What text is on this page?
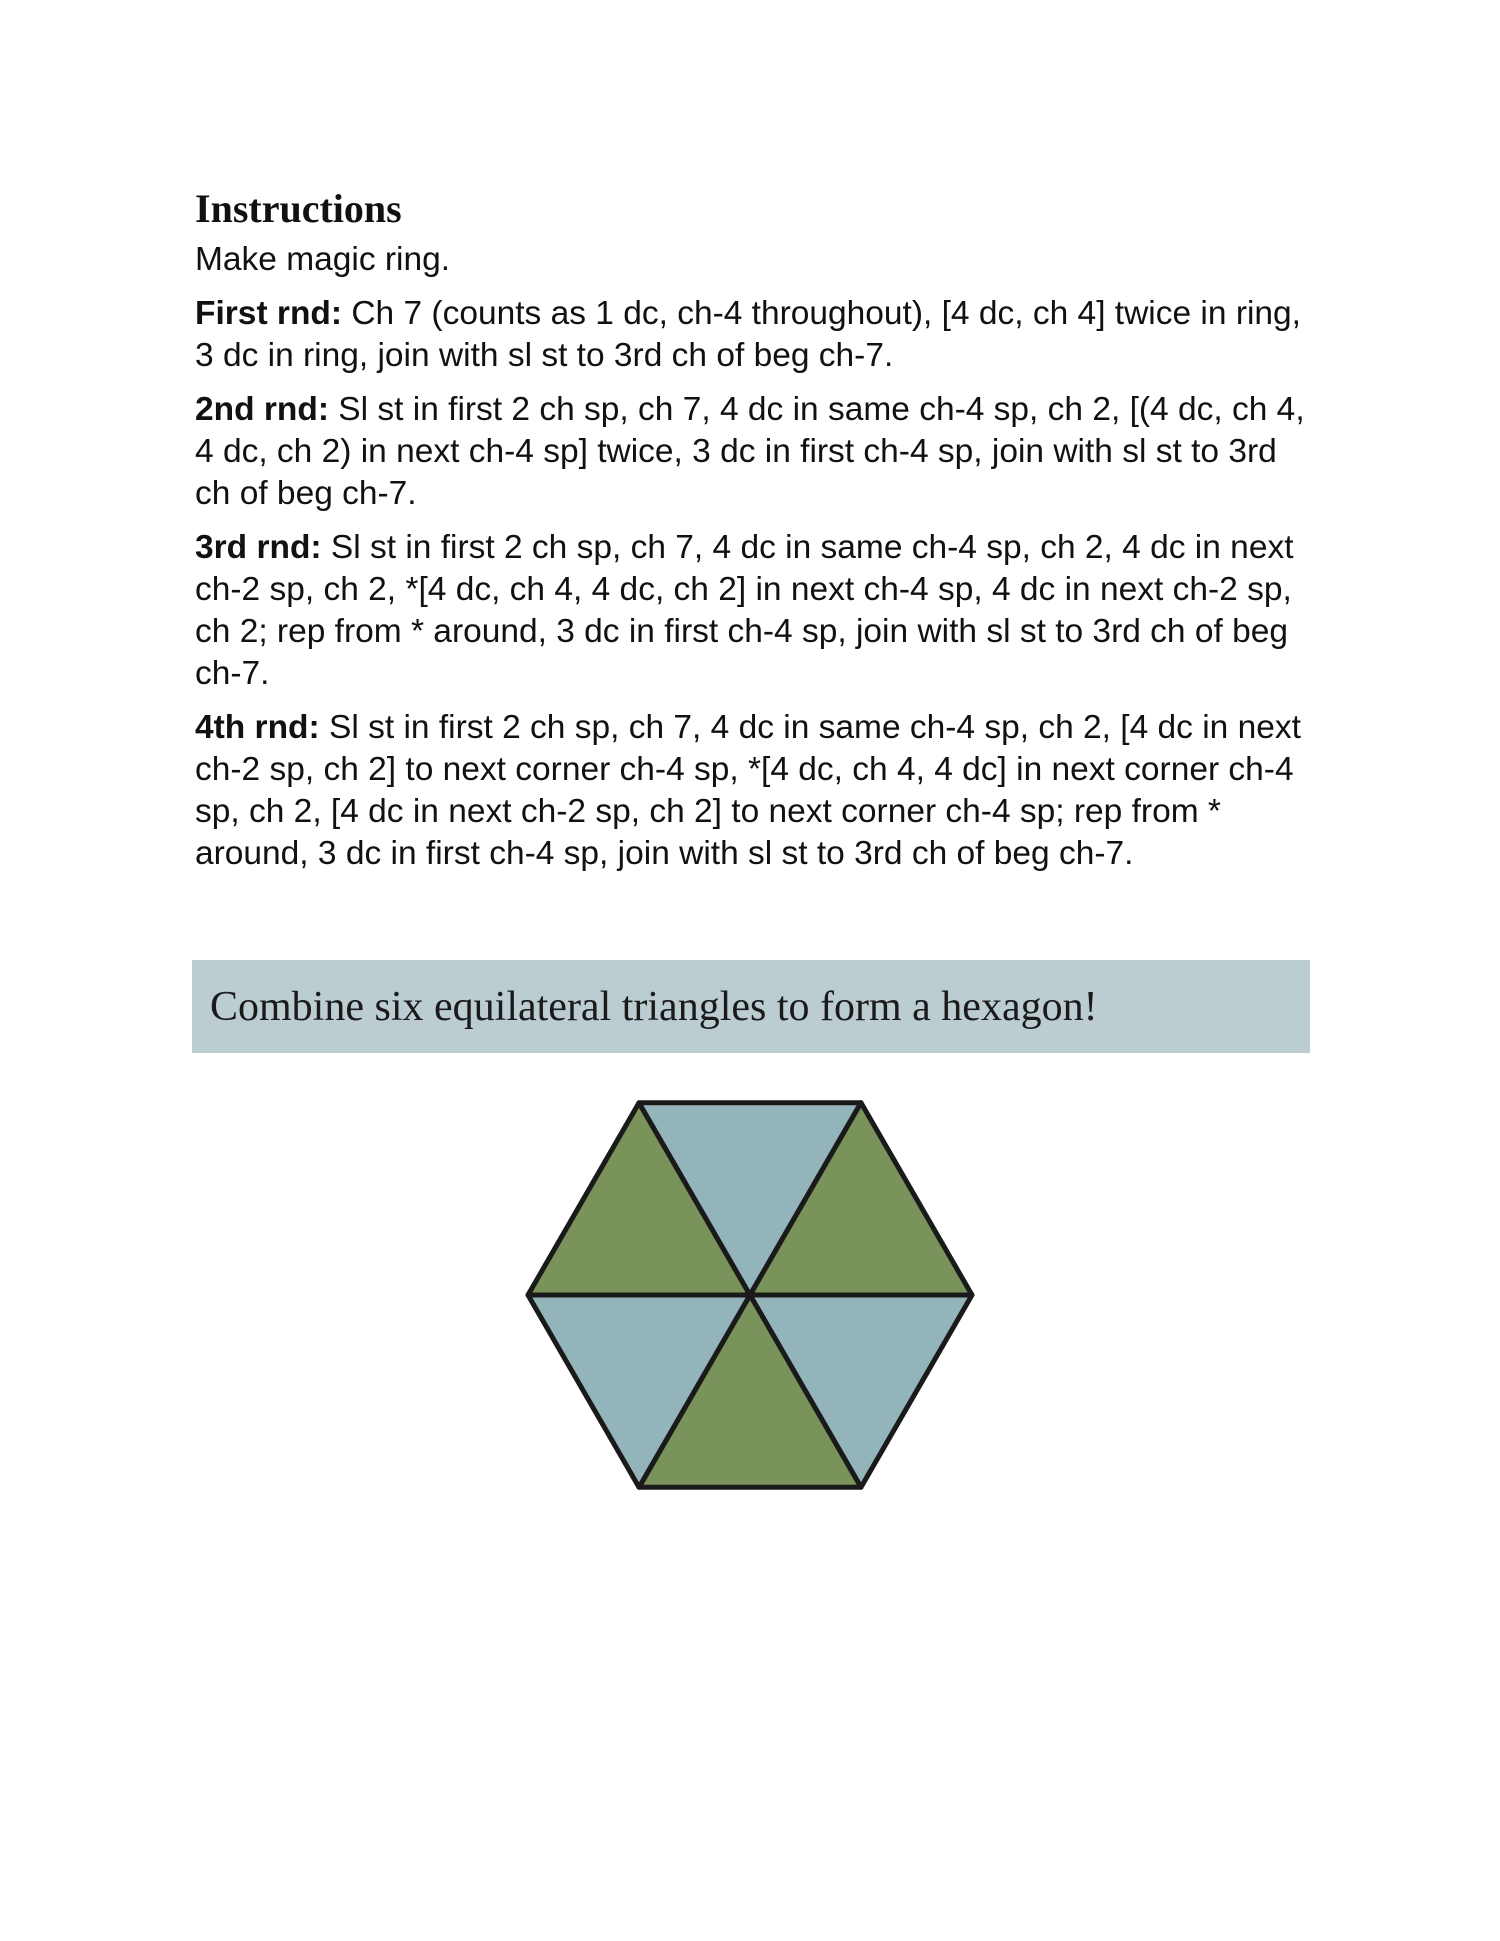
Instructions

Make magic ring.

First rnd: Ch 7 (counts as 1 dc, ch-4 throughout), [4 dc, ch 4] twice in ring, 3 dc in ring, join with sl st to 3rd ch of beg ch-7.

2nd rnd: Sl st in first 2 ch sp, ch 7, 4 dc in same ch-4 sp, ch 2, [(4 dc, ch 4, 4 dc, ch 2) in next ch-4 sp] twice, 3 dc in first ch-4 sp, join with sl st to 3rd ch of beg ch-7.

3rd rnd: Sl st in first 2 ch sp, ch 7, 4 dc in same ch-4 sp, ch 2, 4 dc in next ch-2 sp, ch 2, *[4 dc, ch 4, 4 dc, ch 2] in next ch-4 sp, 4 dc in next ch-2 sp, ch 2; rep from * around, 3 dc in first ch-4 sp, join with sl st to 3rd ch of beg ch-7.

4th rnd: Sl st in first 2 ch sp, ch 7, 4 dc in same ch-4 sp, ch 2, [4 dc in next ch-2 sp, ch 2] to next corner ch-4 sp, *[4 dc, ch 4, 4 dc] in next corner ch-4 sp, ch 2, [4 dc in next ch-2 sp, ch 2] to next corner ch-4 sp; rep from * around, 3 dc in first ch-4 sp, join with sl st to 3rd ch of beg ch-7.

Combine six equilateral triangles to form a hexagon!
